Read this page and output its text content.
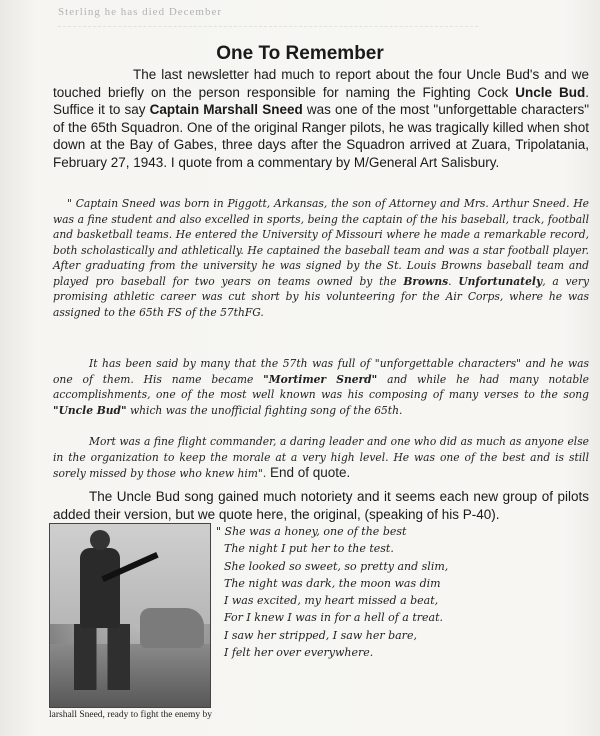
Sterling he has died December
One To Remember

The last newsletter had much to report about the four Uncle Bud's and we touched briefly on the person responsible for naming the Fighting Cock Uncle Bud. Suffice it to say Captain Marshall Sneed was one of the most "unforgettable characters" of the 65th Squadron. One of the original Ranger pilots, he was tragically killed when shot down at the Bay of Gabes, three days after the Squadron arrived at Zuara, Tripolatania, February 27, 1943. I quote from a commentary by M/General Art Salisbury.

" Captain Sneed was born in Piggott, Arkansas, the son of Attorney and Mrs. Arthur Sneed. He was a fine student and also excelled in sports, being the captain of the his baseball, track, football and basketball teams. He entered the University of Missouri where he made a remarkable record, both scholastically and athletically. He captained the baseball team and was a star football player. After graduating from the university he was signed by the St. Louis Browns baseball team and played pro baseball for two years on teams owned by the Browns. Unfortunately, a very promising athletic career was cut short by his volunteering for the Air Corps, where he was assigned to the 65th FS of the 57thFG.

It has been said by many that the 57th was full of "unforgettable characters" and he was one of them. His name became "Mortimer Snerd" and while he had many notable accomplishments, one of the most well known was his composing of many verses to the song "Uncle Bud" which was the unofficial fighting song of the 65th.

Mort was a fine flight commander, a daring leader and one who did as much as anyone else in the organization to keep the morale at a very high level. He was one of the best and is still sorely missed by those who knew him". End of quote.

The Uncle Bud song gained much notoriety and it seems each new group of pilots added their version, but we quote here, the original, (speaking of his P-40).

larshall Sneed, ready to fight the enemy by

" She was a honey, one of the best
The night I put her to the test.
She looked so sweet, so pretty and slim,
The night was dark, the moon was dim
I was excited, my heart missed a beat,
For I knew I was in for a hell of a treat.
I saw her stripped, I saw her bare,
I felt her over everywhere.
